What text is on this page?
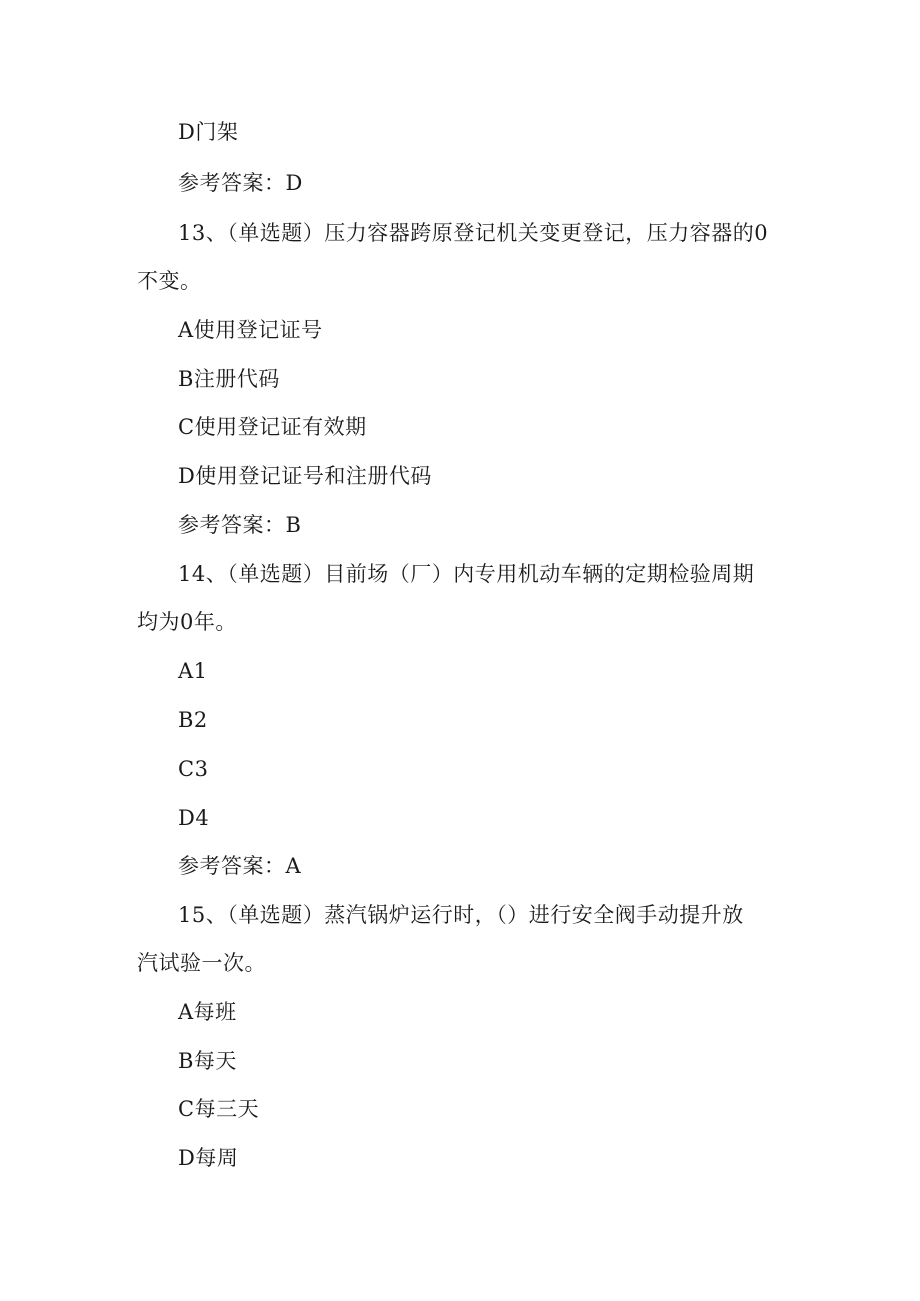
D门架
参考答案：D
13、（单选题）压力容器跨原登记机关变更登记，压力容器的0
不变。
A使用登记证号
B注册代码
C使用登记证有效期
D使用登记证号和注册代码
参考答案：B
14、（单选题）目前场（厂）内专用机动车辆的定期检验周期
均为0年。
A1
B2
C3
D4
参考答案：A
15、（单选题）蒸汽锅炉运行时，（）进行安全阀手动提升放
汽试验一次。
A每班
B每天
C每三天
D每周
